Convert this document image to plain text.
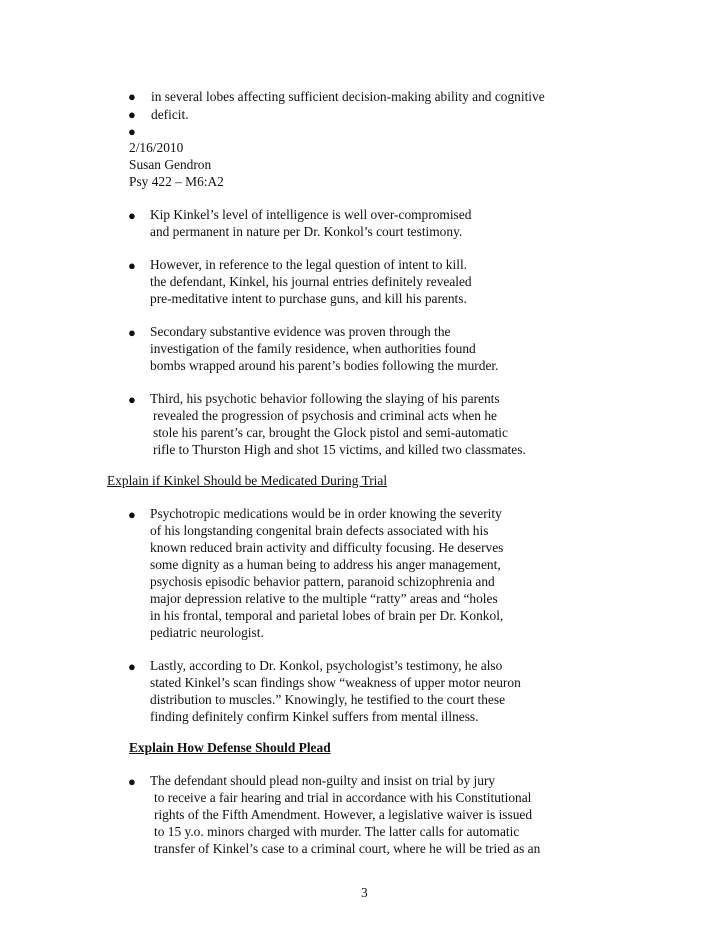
● in several lobes affecting sufficient decision-making ability and cognitive
● deficit.
●
2/16/2010
Susan Gendron
Psy 422 – M6:A2
● Kip Kinkel’s level of intelligence is well over-compromised
and permanent in nature per Dr. Konkol’s court testimony.
● However, in reference to the legal question of intent to kill.
the defendant, Kinkel, his journal entries definitely revealed
pre-meditative intent to purchase guns, and kill his parents.
● Secondary substantive evidence was proven through the
investigation of the family residence, when authorities found
bombs wrapped around his parent’s bodies following the murder.
● Third, his psychotic behavior following the slaying of his parents
revealed the progression of psychosis and criminal acts when he
stole his parent’s car, brought the Glock pistol and semi-automatic
rifle to Thurston High and shot 15 victims, and killed two classmates.
Explain if Kinkel Should be Medicated During Trial
● Psychotropic medications would be in order knowing the severity
of his longstanding congenital brain defects associated with his
known reduced brain activity and difficulty focusing. He deserves
some dignity as a human being to address his anger management,
psychosis episodic behavior pattern, paranoid schizophrenia and
major depression relative to the multiple “ratty” areas and “holes
in his frontal, temporal and parietal lobes of brain per Dr. Konkol,
pediatric neurologist.
● Lastly, according to Dr. Konkol, psychologist’s testimony, he also
stated Kinkel’s scan findings show “weakness of upper motor neuron
distribution to muscles.” Knowingly, he testified to the court these
finding definitely confirm Kinkel suffers from mental illness.
Explain How Defense Should Plead
● The defendant should plead non-guilty and insist on trial by jury
to receive a fair hearing and trial in accordance with his Constitutional
rights of the Fifth Amendment. However, a legislative waiver is issued
to 15 y.o. minors charged with murder. The latter calls for automatic
transfer of Kinkel’s case to a criminal court, where he will be tried as an
3
